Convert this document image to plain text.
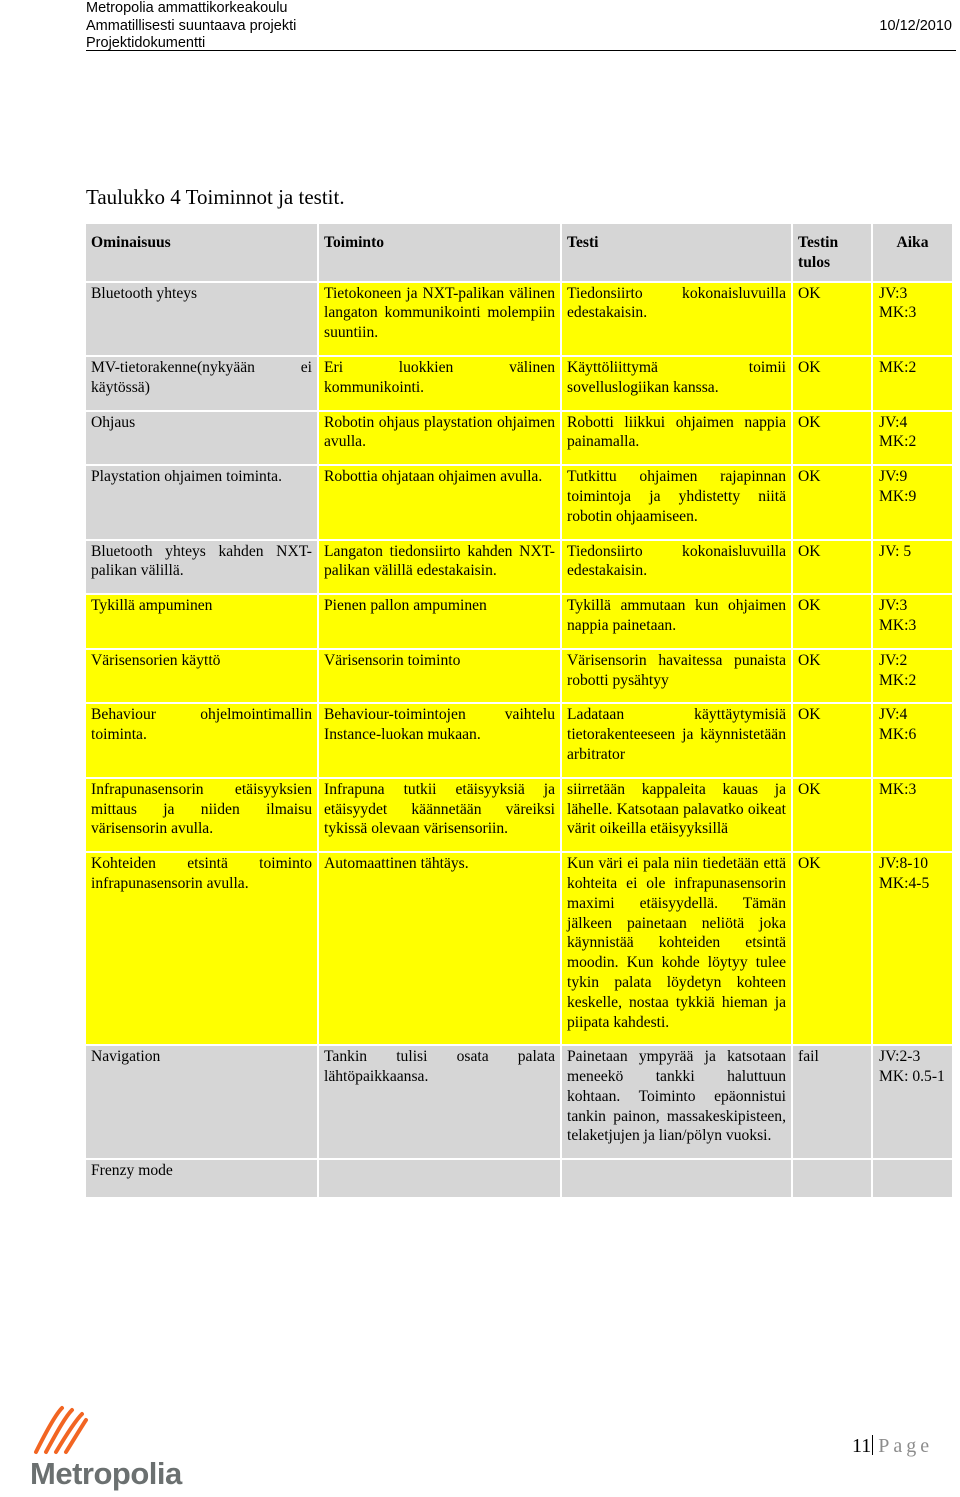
Metropolia ammattikorkeakoulu
Ammatillisesti suuntaava projekti
Projektidokumentti
10/12/2010
Taulukko 4 Toiminnot ja testit.
Ominaisuus	Toiminto	Testi	Testin tulos	Aika
Bluetooth yhteys	Tietokoneen ja NXT-palikan välinen langaton kommunikointi molempiin suuntiin.	Tiedonsiirto kokonaisluvuilla edestakaisin.	OK	JV:3 MK:3
MV-tietorakenne(nykyään ei käytössä)	Eri luokkien välinen kommunikointi.	Käyttöliittymä toimii sovelluslogiikan kanssa.	OK	MK:2
Ohjaus	Robotin ohjaus playstation ohjaimen avulla.	Robotti liikkui ohjaimen nappia painamalla.	OK	JV:4 MK:2
Playstation ohjaimen toiminta.	Robottia ohjataan ohjaimen avulla.	Tutkittu ohjaimen rajapinnan toimintoja ja yhdistetty niitä robotin ohjaamiseen.	OK	JV:9 MK:9
Bluetooth yhteys kahden NXT-palikan välillä.	Langaton tiedonsiirto kahden NXT-palikan välillä edestakaisin.	Tiedonsiirto kokonaisluvuilla edestakaisin.	OK	JV: 5
Tykillä ampuminen	Pienen pallon ampuminen	Tykillä ammutaan kun ohjaimen nappia painetaan.	OK	JV:3 MK:3
Värisensorien käyttö	Värisensorin toiminto	Värisensorin havaitessa punaista robotti pysähtyy	OK	JV:2 MK:2
Behaviour ohjelmointimallin toiminta.	Behaviour-toimintojen vaihtelu Instance-luokan mukaan.	Ladataan käyttäytymisiä tietorakenteeseen ja käynnistetään arbitrator	OK	JV:4 MK:6
Infrapunasensorin etäisyyksien mittaus ja niiden ilmaisu värisensorin avulla.	Infrapuna tutkii etäisyyksiä ja etäisyydet käännetään väreiksi tykissä olevaan värisensoriin.	siirretään kappaleita kauas ja lähelle. Katsotaan palavatko oikeat värit oikeilla etäisyyksillä	OK	MK:3
Kohteiden etsintä toiminto infrapunasensorin avulla.	Automaattinen tähtäys.	Kun väri ei pala niin tiedetään että kohteita ei ole infrapunasensorin maximi etäisyydellä. Tämän jälkeen painetaan neliötä joka käynnistää kohteiden etsintä moodin. Kun kohde löytyy tulee tykin palata löydetyn kohteen keskelle, nostaa tykkiä hieman ja piipata kahdesti.	OK	JV:8-10 MK:4-5
Navigation	Tankin tulisi osata palata lähtöpaikkaansa.	Painetaan ympyrää ja katsotaan meneekö tankki haluttuun kohtaan. Toiminto epäonnistui tankin painon, massakeskipisteen, telaketjujen ja lian/pölyn vuoksi.	fail	JV:2-3 MK: 0.5-1
Frenzy mode				
Metropolia
11 Page
